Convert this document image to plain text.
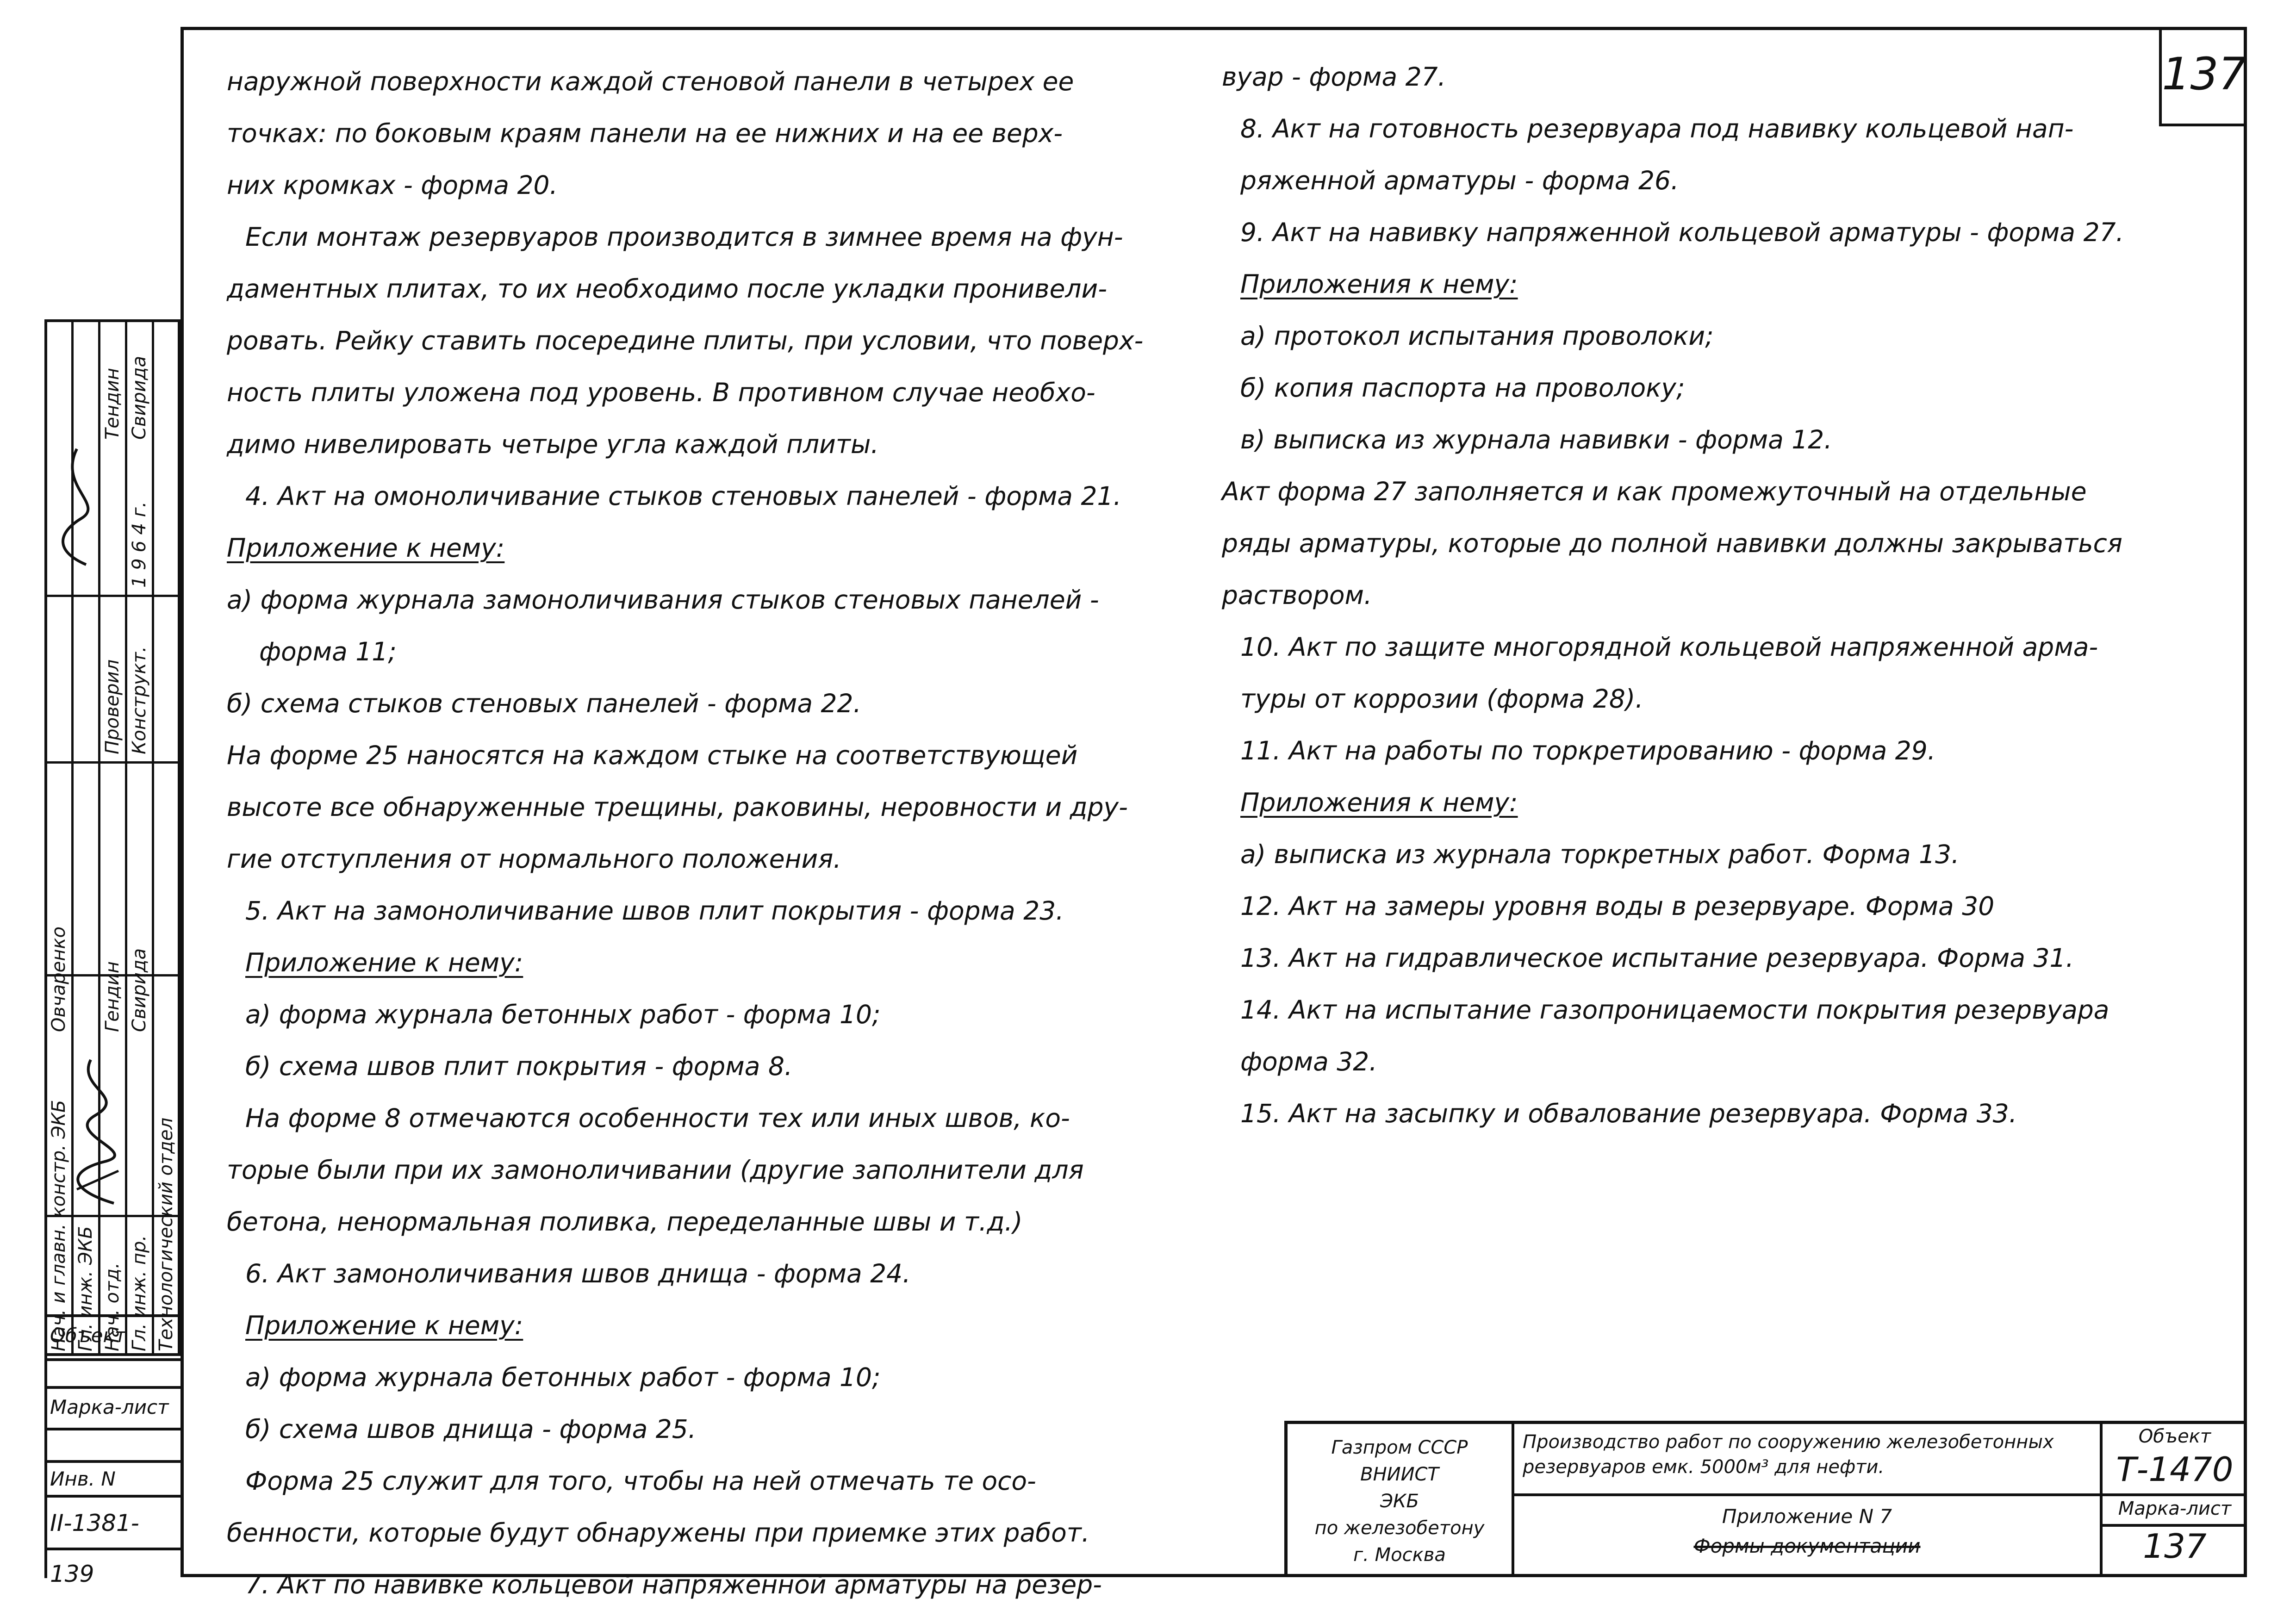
137
наружной поверхности каждой стеновой панели в четырех ее
точках: по боковым краям панели на ее нижних и на ее верх-
них кромках - форма 20.
Если монтаж резервуаров производится в зимнее время на фун-
даментных плитах, то их необходимо после укладки пронивели-
ровать. Рейку ставить посередине плиты, при условии, что поверх-
ность плиты уложена под уровень. В противном случае необхо-
димо нивелировать четыре угла каждой плиты.
4. Акт на омоноличивание стыков стеновых панелей - форма 21.
Приложение к нему:
а) форма журнала замоноличивания стыков стеновых панелей -
форма 11;
б) схема стыков стеновых панелей - форма 22.
На форме 25 наносятся на каждом стыке на соответствующей
высоте все обнаруженные трещины, раковины, неровности и дру-
гие отступления от нормального положения.
5. Акт на замоноличивание швов плит покрытия - форма 23.
Приложение к нему:
а) форма журнала бетонных работ - форма 10;
б) схема швов плит покрытия - форма 8.
На форме 8 отмечаются особенности тех или иных швов, ко-
торые были при их замоноличивании (другие заполнители для
бетона, ненормальная поливка, переделанные швы и т.д.)
6. Акт замоноличивания швов днища - форма 24.
Приложение к нему:
а) форма журнала бетонных работ - форма 10;
б) схема швов днища - форма 25.
Форма 25 служит для того, чтобы на ней отмечать те осо-
бенности, которые будут обнаружены при приемке этих работ.
7. Акт по навивке кольцевой напряженной арматуры на резер-
вуар - форма 27.
8. Акт на готовность резервуара под навивку кольцевой нап-
ряженной арматуры - форма 26.
9. Акт на навивку напряженной кольцевой арматуры - форма 27.
Приложения к нему:
а) протокол испытания проволоки;
б) копия паспорта на проволоку;
в) выписка из журнала навивки - форма 12.
Акт форма 27 заполняется и как промежуточный на отдельные
ряды арматуры, которые до полной навивки должны закрываться
раствором.
10. Акт по защите многорядной кольцевой напряженной арма-
туры от коррозии (форма 28).
11. Акт на работы по торкретированию - форма 29.
Приложения к нему:
а) выписка из журнала торкретных работ. Форма 13.
12. Акт на замеры уровня воды в резервуаре. Форма 30
13. Акт на гидравлическое испытание резервуара. Форма 31.
14. Акт на испытание газопроницаемости покрытия резервуара
форма 32.
15. Акт на засыпку и обвалование резервуара. Форма 33.
Нач. и главн. констр. ЭКБ Гл. инж. ЭКБ Нач. отд. Гл. инж. пр. Технологический отдел
Овчаренко Гендин Свирида
Проверил Конструкт.
1 9 6 4 г.
Тендин Свирида
Объект
Марка-лист
Инв. N
II-1381-139
Газпром СССР
ВНИИСТ
ЭКБ
по железобетону
г. Москва
Производство работ по сооружению железобетонных резервуаров емк. 5000м³ для нефти.
Приложение N 7
Формы документации
Объект
Т-1470
Марка-лист
137
